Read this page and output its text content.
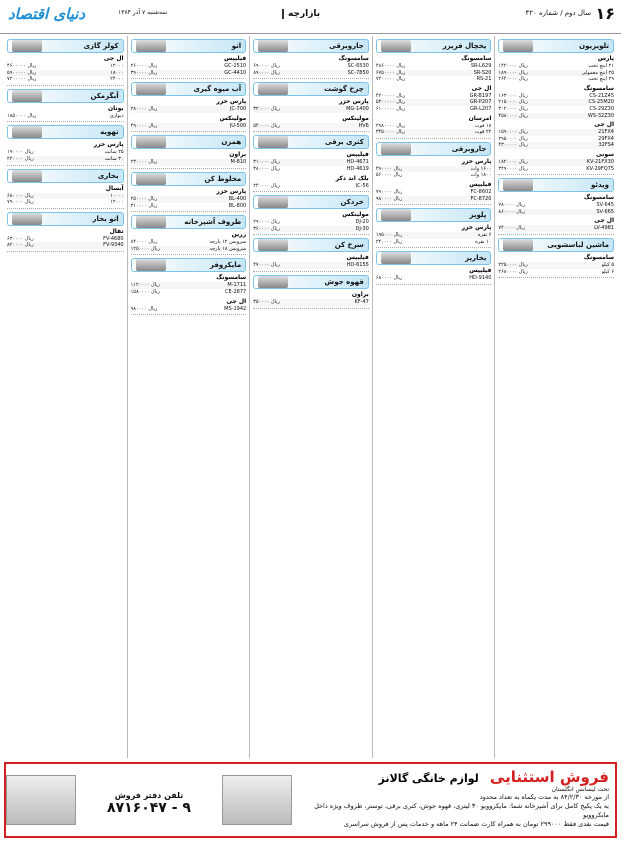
۱۶
سال دوم / شماره ۴۲۰
بازارچه
سه‌شنبه ۷ آذر ۱۳۸۴
دنیای اقتصاد
تلویزیون
پارس
۲۱ اینچ تخت
۱۴۲۰۰۰۰ ریال
۲۵ اینچ معمولی
۱۸۹۰۰۰۰ ریال
۲۹ اینچ تخت
۲۶۴۰۰۰۰ ریال
سامسونگ
CS-21Z45
۱۶۳۰۰۰۰ ریال
CS-25M20
۲۱۵۰۰۰۰ ریال
CS-29Z30
۳۰۲۰۰۰۰ ریال
WS-32Z30
۴۵۸۰۰۰۰ ریال
ال جی
21FX4
۱۵۹۰۰۰۰ ریال
29FX4
۲۹۵۰۰۰۰ ریال
32FS4
۴۳۰۰۰۰۰ ریال
سونی
KV-21FX30
۱۸۲۰۰۰۰ ریال
KV-29FQ75
۳۴۹۰۰۰۰ ریال
ویدئو
سامسونگ
SV-645
۷۸۰۰۰۰ ریال
SV-665
۸۶۰۰۰۰ ریال
ال جی
LV-4981
۷۴۰۰۰۰ ریال
ماشین لباسشویی
سامسونگ
۵ کیلو
۲۲۵۰۰۰۰ ریال
۶ کیلو
۲۶۸۰۰۰۰ ریال
یخچال فریزر
سامسونگ
SR-L629
۴۸۶۰۰۰۰ ریال
SR-S20
۶۷۵۰۰۰۰ ریال
RS-21
۷۲۰۰۰۰۰ ریال
ال جی
GR-B197
۴۲۰۰۰۰۰ ریال
GR-P207
۵۳۰۰۰۰۰ ریال
GR-L207
۶۱۰۰۰۰۰ ریال
امرسان
۱۸ فوت
۲۹۸۰۰۰۰ ریال
۲۲ فوت
۳۴۵۰۰۰۰ ریال
جاروبرقی
پارس خزر
۱۶۰۰ وات
۴۹۰۰۰۰ ریال
۱۸۰۰ وات
۵۶۰۰۰۰ ریال
فیلیپس
FC-8602
۷۹۰۰۰۰ ریال
FC-8720
۹۸۰۰۰۰ ریال
پلوپز
پارس خزر
۶ نفره
۱۹۵۰۰۰ ریال
۱۰ نفره
۲۴۰۰۰۰ ریال
بخارپز
فیلیپس
HD-9140
۶۸۰۰۰۰ ریال
جاروبرقی
سامسونگ
SC-6530
۶۹۰۰۰۰ ریال
SC-7850
۸۹۰۰۰۰ ریال
چرخ گوشت
پارس خزر
MG-1400
۳۲۰۰۰۰ ریال
مولینکس
HV6
۵۴۰۰۰۰ ریال
کتری برقی
فیلیپس
HD-4671
۳۱۰۰۰۰ ریال
HD-4619
۳۸۰۰۰۰ ریال
بلک اند دکر
JC-56
۲۴۰۰۰۰ ریال
خردکن
مولینکس
DJ-20
۲۹۰۰۰۰ ریال
DJ-30
۳۶۰۰۰۰ ریال
سرخ کن
فیلیپس
HD-6155
۴۷۰۰۰۰ ریال
قهوه جوش
براون
KF-47
۳۵۰۰۰۰ ریال
اتو
فیلیپس
GC-2510
۲۶۰۰۰۰ ریال
GC-4410
۳۹۰۰۰۰ ریال
آب میوه گیری
پارس خزر
JC-700
۲۸۰۰۰۰ ریال
مولینکس
JU-500
۴۹۰۰۰۰ ریال
همزن
براون
M-810
۲۳۰۰۰۰ ریال
مخلوط کن
پارس خزر
BL-400
۲۵۰۰۰۰ ریال
BL-800
۳۱۰۰۰۰ ریال
ظروف آشپزخانه
زرین
سرویس ۱۲ پارچه
۸۴۰۰۰۰ ریال
سرویس ۱۸ پارچه
۱۲۵۰۰۰۰ ریال
مایکروفر
سامسونگ
M-1711
۱۱۲۰۰۰۰ ریال
CE-2877
۱۵۸۰۰۰۰ ریال
ال جی
MS-1942
۹۸۰۰۰۰ ریال
کولر گازی
ال جی
۱۲۰۰۰
۴۶۰۰۰۰۰ ریال
۱۸۰۰۰
۵۹۰۰۰۰۰ ریال
۲۴۰۰۰
۷۲۰۰۰۰۰ ریال
آبگرمکن
بوتان
دیواری
۱۸۵۰۰۰۰ ریال
تهویه
پارس خزر
۲۵ سانت
۱۹۰۰۰۰ ریال
۳۰ سانت
۲۲۰۰۰۰ ریال
بخاری
آبسال
۱۰۰۰۰
۶۸۰۰۰۰ ریال
۱۲۰۰۰
۷۹۰۰۰۰ ریال
اتو بخار
تفال
FV-4680
۶۳۰۰۰۰ ریال
FV-9340
۸۲۰۰۰۰ ریال
فروش استثنایی لوازم خانگی گالانز
تحت لیسانس انگلستان
از مورخه ۸۴/۲/۳۰ به مدت یکماه به تعداد محدود
به یک پکیج کامل برای آشپزخانه شما: مایکروویو ۳۰ لیتری، قهوه جوش، کتری برقی، توستر، ظروف ویژه داخل مایکروویو
قیمت نقدی فقط ۲۹۹۰۰۰ تومان به همراه کارت ضمانت ۲۴ ماهه و خدمات پس از فروش سراسری
تلفن دفتر فروش
۸۷۱۶۰۴۷ - ۹
